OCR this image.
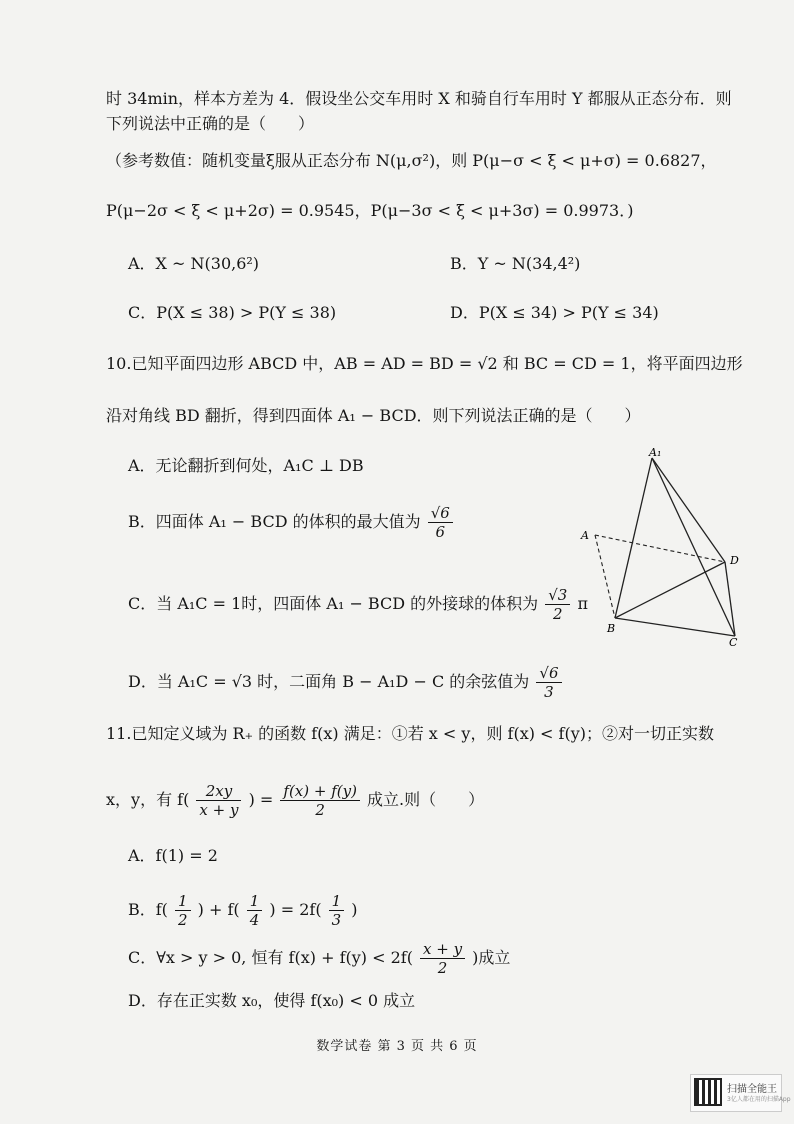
时 34min，样本方差为 4．假设坐公交车用时 X 和骑自行车用时 Y 都服从正态分布．则
下列说法中正确的是（　　）
（参考数值：随机变量ξ服从正态分布 N(μ,σ²)，则 P(μ−σ < ξ < μ+σ) = 0.6827，
P(μ−2σ < ξ < μ+2σ) = 0.9545，P(μ−3σ < ξ < μ+3σ) = 0.9973．)
A．X ~ N(30,6²)	B．Y ~ N(34,4²)
C．P(X ≤ 38) > P(Y ≤ 38)	D．P(X ≤ 34) > P(Y ≤ 34)
10.已知平面四边形 ABCD 中，AB = AD = BD = √2 和 BC = CD = 1，将平面四边形
沿对角线 BD 翻折，得到四面体 A₁ − BCD．则下列说法正确的是（　　）
A．无论翻折到何处，A₁C ⊥ DB
B．四面体 A₁ − BCD 的体积的最大值为 $\frac{√6}{6}$
C．当 A₁C = 1时，四面体 A₁ − BCD 的外接球的体积为 $\frac{√3}{2}$ π
D．当 A₁C = √3 时，二面角 B − A₁D − C 的余弦值为 $\frac{√6}{3}$
A₁
A
B
C
D
11.已知定义域为 R₊ 的函数 f(x) 满足：①若 x < y，则 f(x) < f(y)；②对一切正实数
x，y，有 $f( \frac{2xy}{x + y}$ ) = $\frac{f(x) + f(y)}{2}$ 成立.则（　　）
A．f(1) = 2
B．$f( \frac{1}{2}$ ) + $f( \frac{1}{4}$ ) = $2f( \frac{1}{3}$ )
C．∀x > y > 0, 恒有 $f(x) + f(y) < 2f( \frac{x + y}{2}$ )成立
D．存在正实数 x₀，使得 f(x₀) < 0 成立
数学试卷 第 3 页 共 6 页
扫描全能王
3亿人都在用的扫描App
